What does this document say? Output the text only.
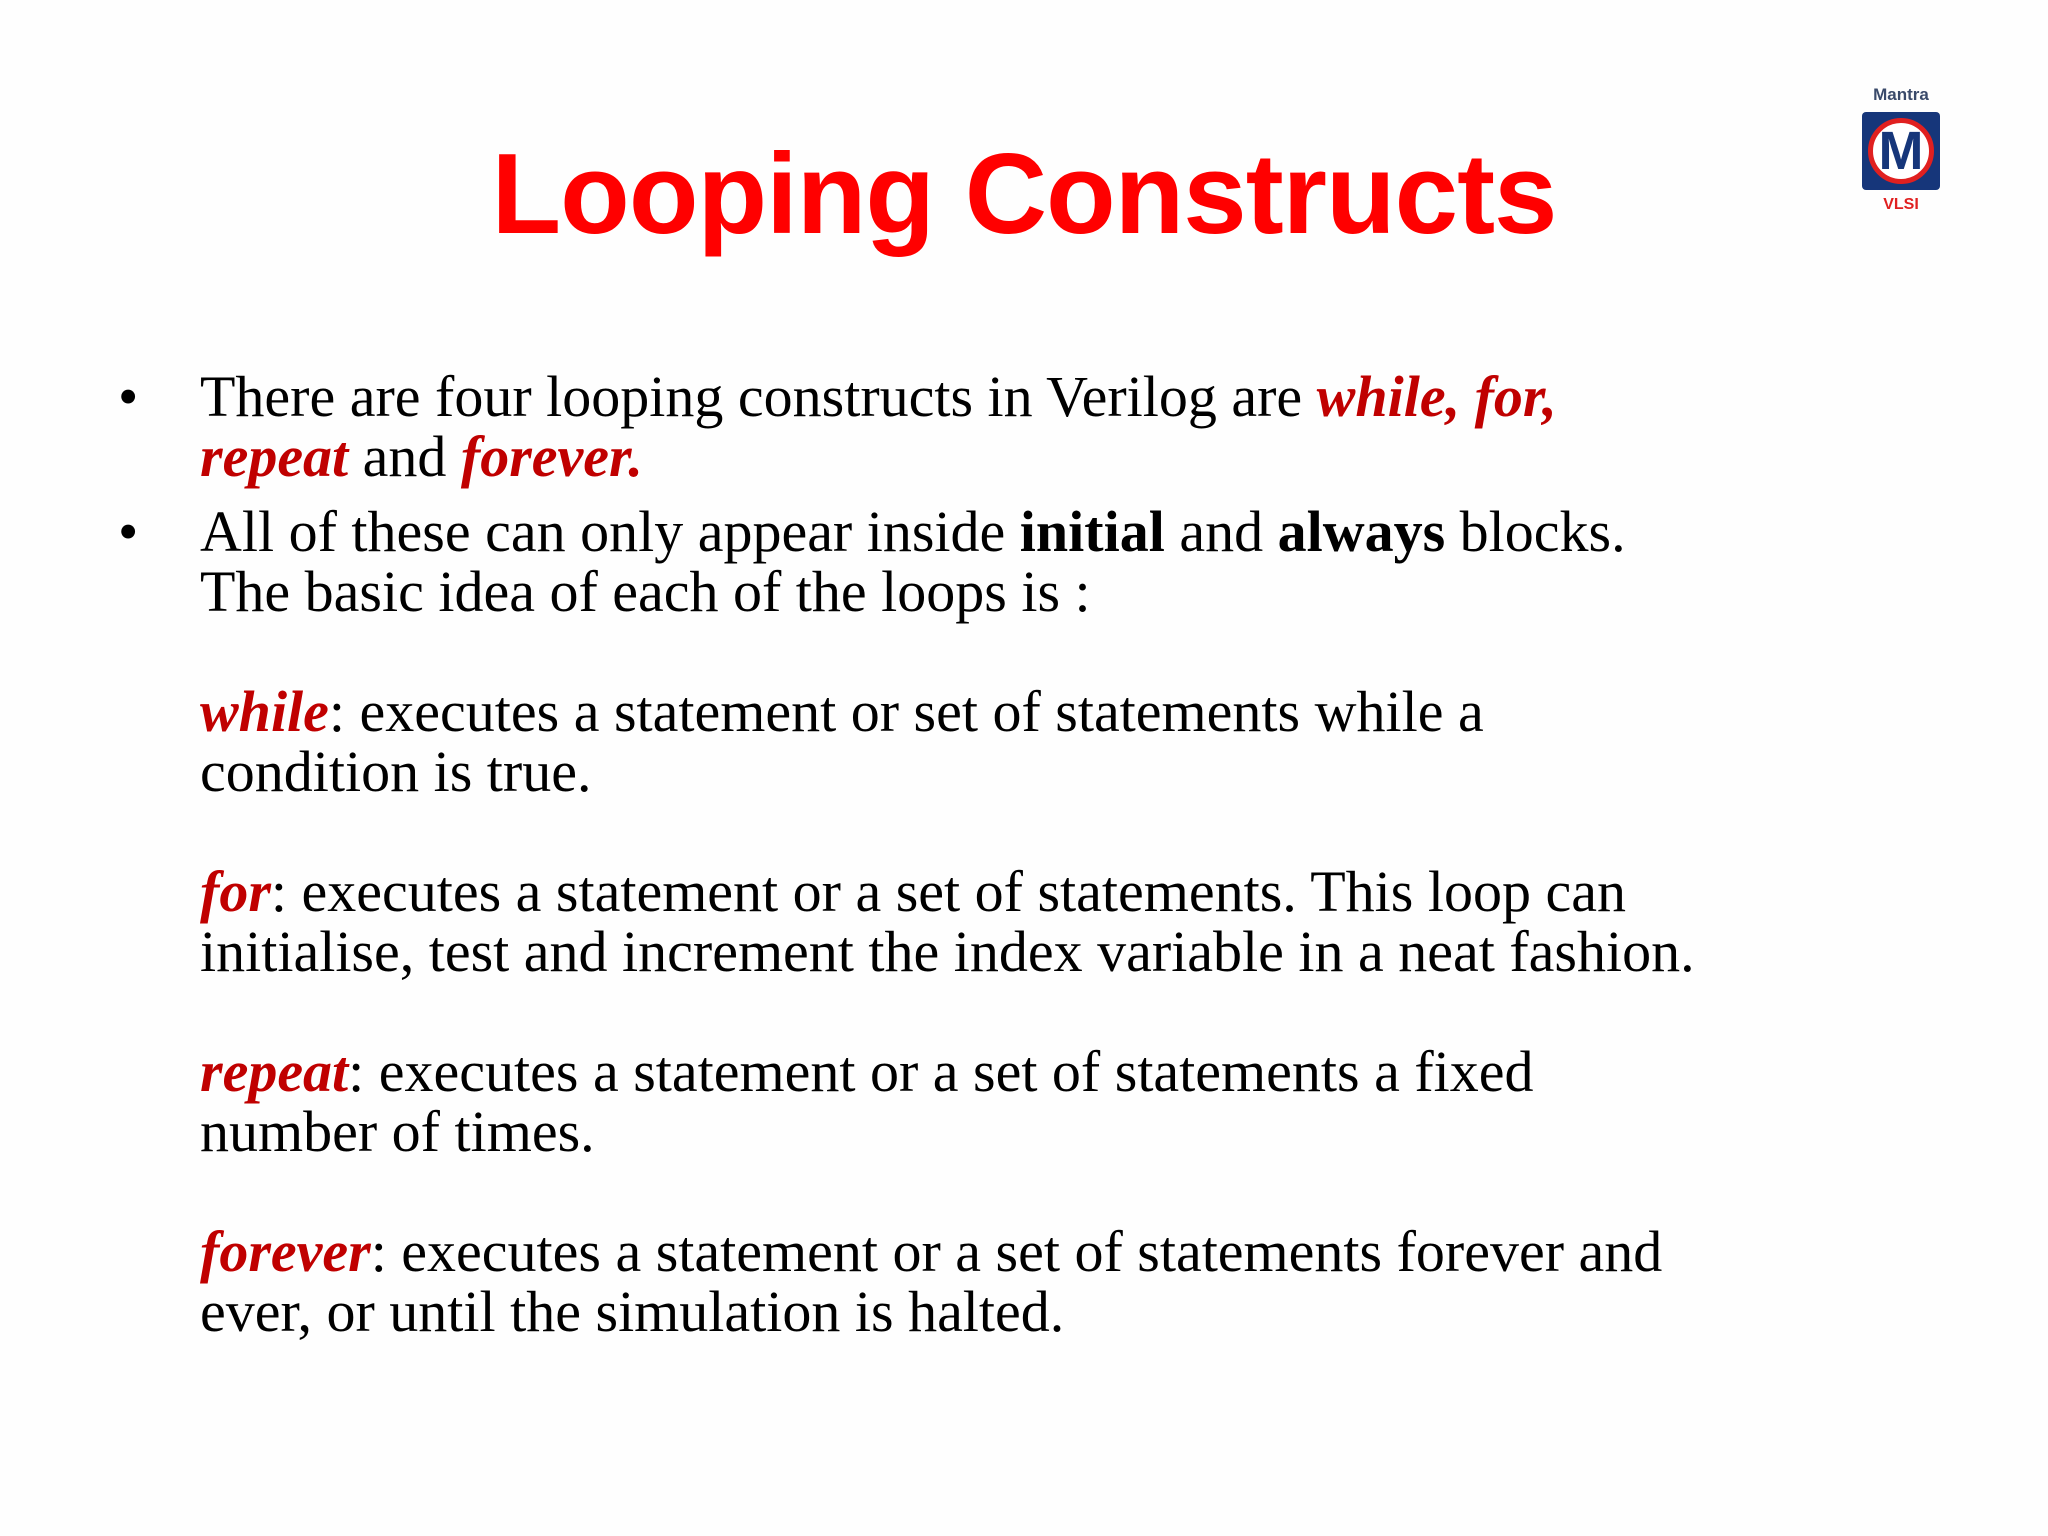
Looping Constructs
Mantra
M
VLSI
• There are four looping constructs in Verilog are while, for,
repeat and forever.
• All of these can only appear inside initial and always blocks.
The basic idea of each of the loops is :
while: executes a statement or set of statements while a
condition is true.
for: executes a statement or a set of statements. This loop can
initialise, test and increment the index variable in a neat fashion.
repeat: executes a statement or a set of statements a fixed
number of times.
forever: executes a statement or a set of statements forever and
ever, or until the simulation is halted.
